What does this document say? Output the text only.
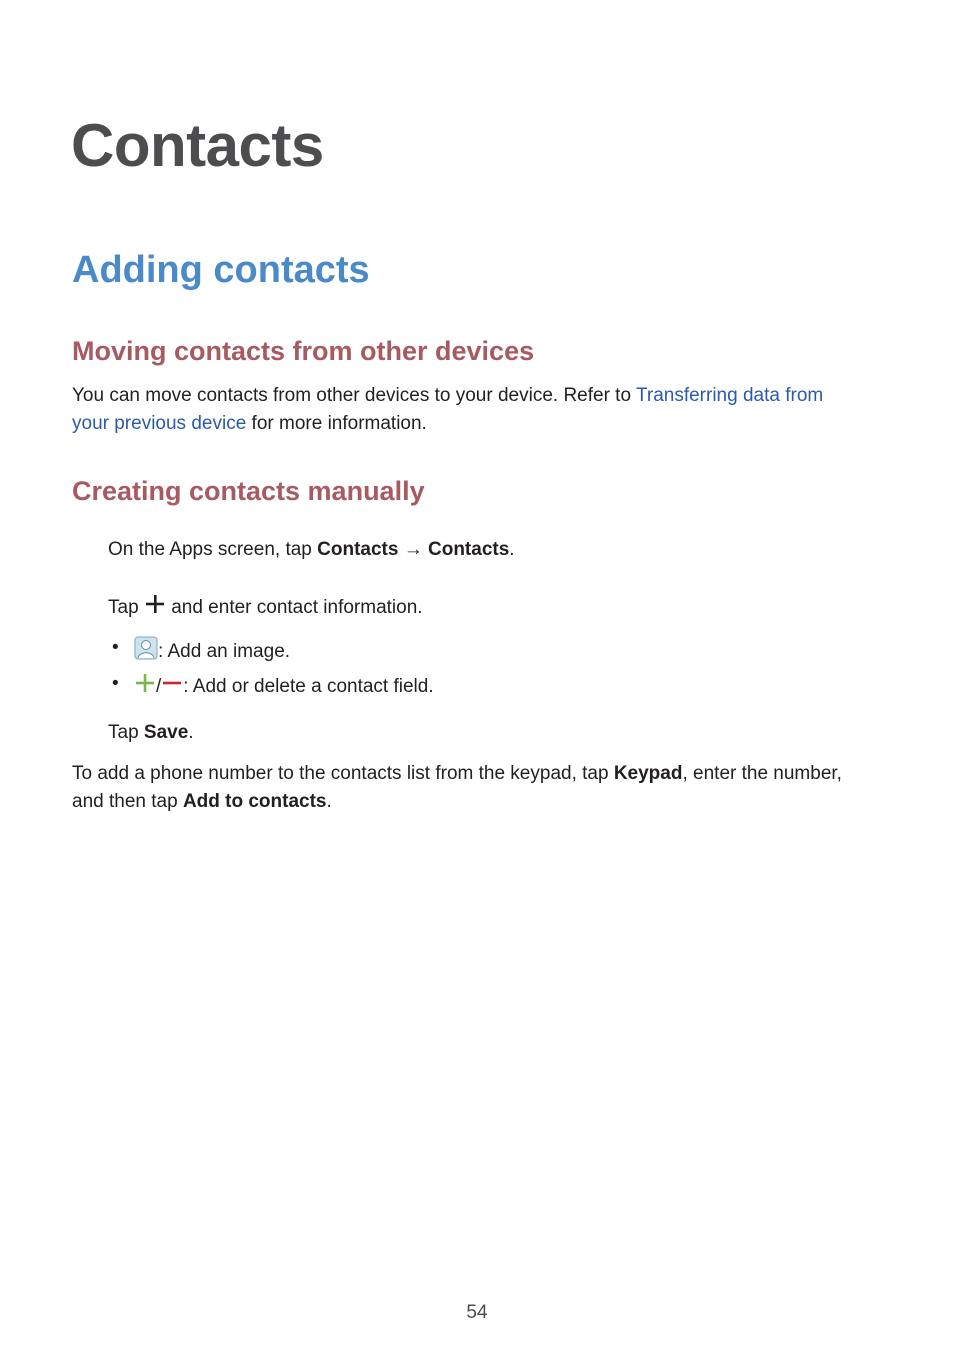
Contacts
Adding contacts
Moving contacts from other devices

You can move contacts from other devices to your device. Refer to Transferring data from

your previous device for more information.

Creating contacts manually

On the Apps screen, tap Contacts → Contacts.

Tap  and enter contact information.

• : Add an image.
• / : Add or delete a contact field.

Tap Save.

To add a phone number to the contacts list from the keypad, tap Keypad, enter the number,

and then tap Add to contacts.

54
